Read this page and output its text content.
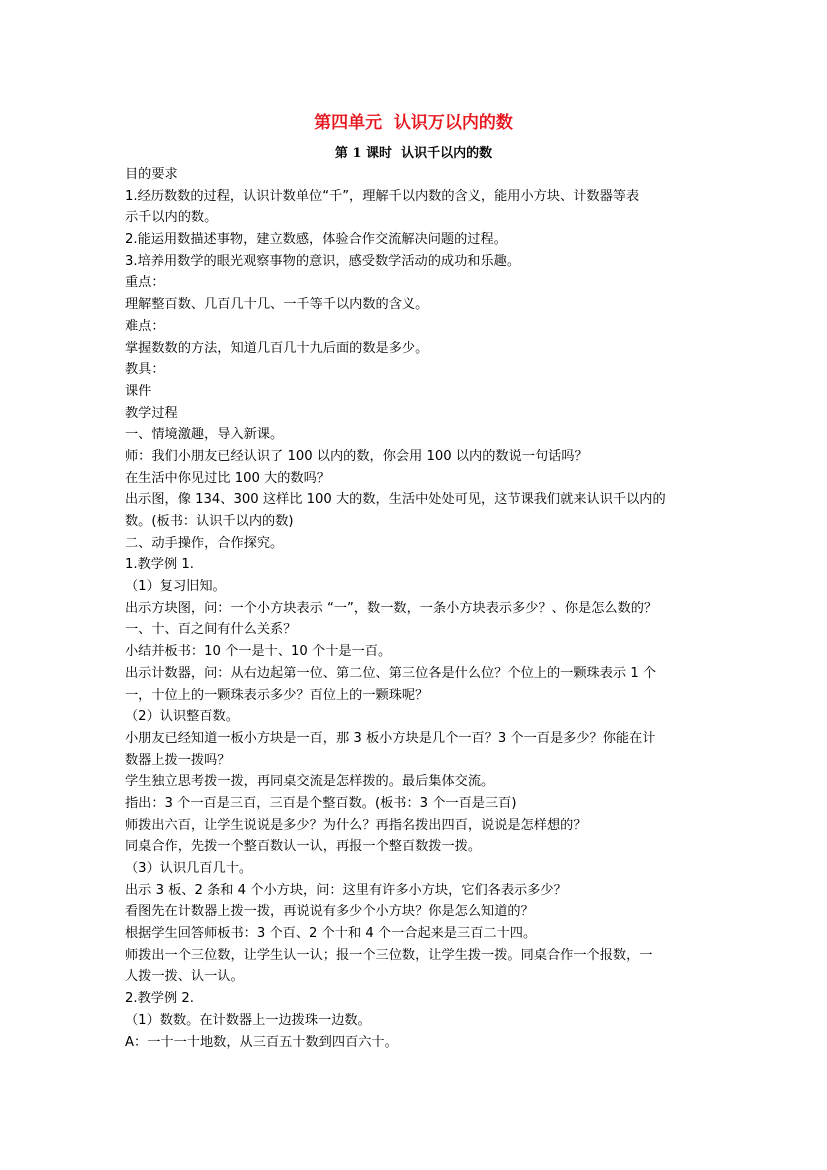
第四单元  认识万以内的数
第 1 课时  认识千以内的数
目的要求
1.经历数数的过程，认识计数单位“千”，理解千以内数的含义，能用小方块、计数器等表
示千以内的数。
2.能运用数描述事物，建立数感，体验合作交流解决问题的过程。
3.培养用数学的眼光观察事物的意识，感受数学活动的成功和乐趣。
重点：
理解整百数、几百几十几、一千等千以内数的含义。
难点：
掌握数数的方法，知道几百几十九后面的数是多少。
教具：
课件
教学过程
一、情境激趣，导入新课。
师：我们小朋友已经认识了 100 以内的数，你会用 100 以内的数说一句话吗？
在生活中你见过比 100 大的数吗？
出示图，像 134、300 这样比 100 大的数，生活中处处可见，这节课我们就来认识千以内的
数。(板书：认识千以内的数)
二、动手操作，合作探究。
1.教学例 1.
（1）复习旧知。
出示方块图，问：一个小方块表示 “一”，数一数，一条小方块表示多少？、你是怎么数的？
一、十、百之间有什么关系？
小结并板书：10 个一是十、10 个十是一百。
出示计数器，问：从右边起第一位、第二位、第三位各是什么位？个位上的一颗珠表示 1 个
一，十位上的一颗珠表示多少？百位上的一颗珠呢？
（2）认识整百数。
小朋友已经知道一板小方块是一百，那 3 板小方块是几个一百？3 个一百是多少？你能在计
数器上拨一拨吗？
学生独立思考拨一拨，再同桌交流是怎样拨的。最后集体交流。
指出：3 个一百是三百，三百是个整百数。(板书：3 个一百是三百)
师拨出六百，让学生说说是多少？为什么？再指名拨出四百，说说是怎样想的？
同桌合作，先拨一个整百数认一认，再报一个整百数拨一拨。
（3）认识几百几十。
出示 3 板、2 条和 4 个小方块，问：这里有许多小方块，它们各表示多少？
看图先在计数器上拨一拨，再说说有多少个小方块？你是怎么知道的？
根据学生回答师板书：3 个百、2 个十和 4 个一合起来是三百二十四。
师拨出一个三位数，让学生认一认；报一个三位数，让学生拨一拨。同桌合作一个报数，一
人拨一拨、认一认。
2.教学例 2.
（1）数数。在计数器上一边拨珠一边数。
A：一十一十地数，从三百五十数到四百六十。
